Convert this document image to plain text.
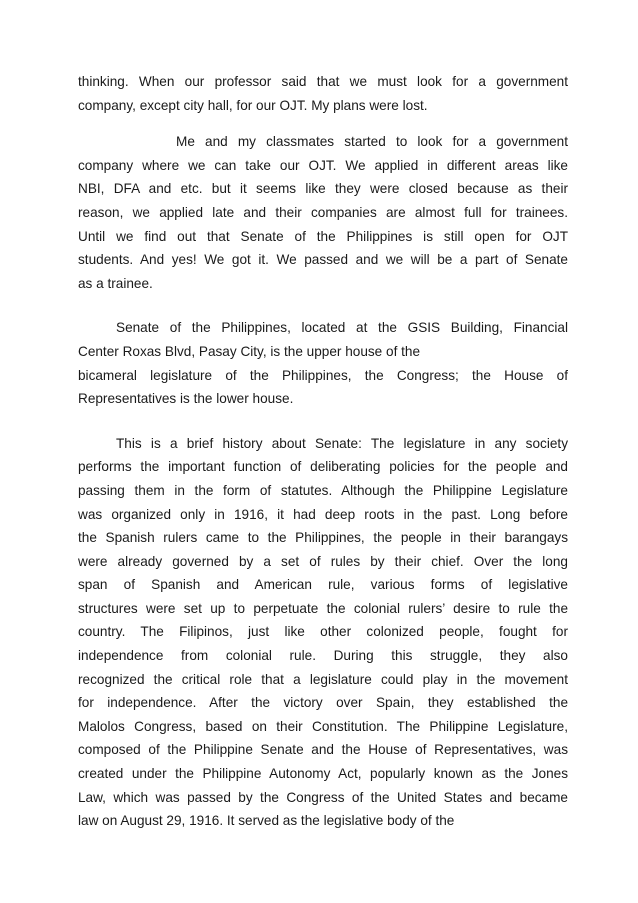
thinking. When our professor said that we must look for a government
company, except city hall, for our OJT. My plans were lost.
Me and my classmates started to look for a government
company where we can take our OJT. We applied in different areas like
NBI, DFA and etc. but it seems like they were closed because as their
reason, we applied late and their companies are almost full for trainees.
Until we find out that Senate of the Philippines is still open for OJT
students. And yes! We got it. We passed and we will be a part of Senate
as a trainee.
Senate of the Philippines, located at the GSIS Building, Financial
Center Roxas Blvd, Pasay City, is the upper house of the
bicameral legislature of the Philippines, the Congress; the House of
Representatives is the lower house.
This is a brief history about Senate: The legislature in any society
performs the important function of deliberating policies for the people and
passing them in the form of statutes. Although the Philippine Legislature
was organized only in 1916, it had deep roots in the past. Long before
the Spanish rulers came to the Philippines, the people in their barangays
were already governed by a set of rules by their chief. Over the long
span of Spanish and American rule, various forms of legislative
structures were set up to perpetuate the colonial rulers’ desire to rule the
country. The Filipinos, just like other colonized people, fought for
independence from colonial rule. During this struggle, they also
recognized the critical role that a legislature could play in the movement
for independence. After the victory over Spain, they established the
Malolos Congress, based on their Constitution. The Philippine Legislature,
composed of the Philippine Senate and the House of Representatives, was
created under the Philippine Autonomy Act, popularly known as the Jones
Law, which was passed by the Congress of the United States and became
law on August 29, 1916. It served as the legislative body of the
